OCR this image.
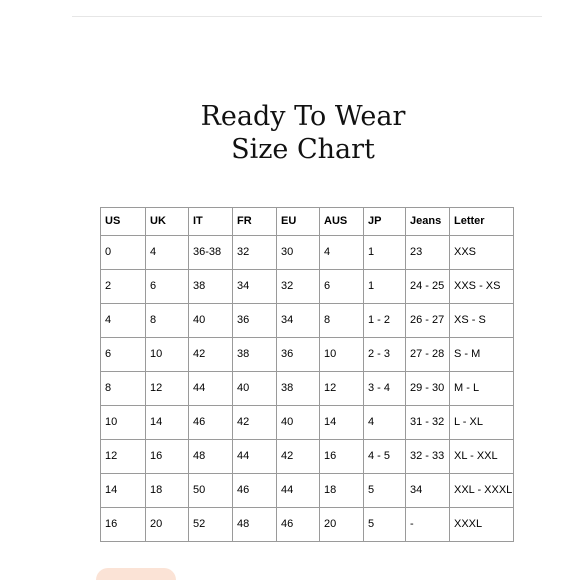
Ready To Wear
Size Chart
US	UK	IT	FR	EU	AUS	JP	Jeans	Letter
0	4	36-38	32	30	4	1	23	XXS
2	6	38	34	32	6	1	24 - 25	XXS - XS
4	8	40	36	34	8	1 - 2	26 - 27	XS - S
6	10	42	38	36	10	2 - 3	27 - 28	S - M
8	12	44	40	38	12	3 - 4	29 - 30	M - L
10	14	46	42	40	14	4	31 - 32	L - XL
12	16	48	44	42	16	4 - 5	32 - 33	XL - XXL
14	18	50	46	44	18	5	34	XXL - XXXL
16	20	52	48	46	20	5	-	XXXL
